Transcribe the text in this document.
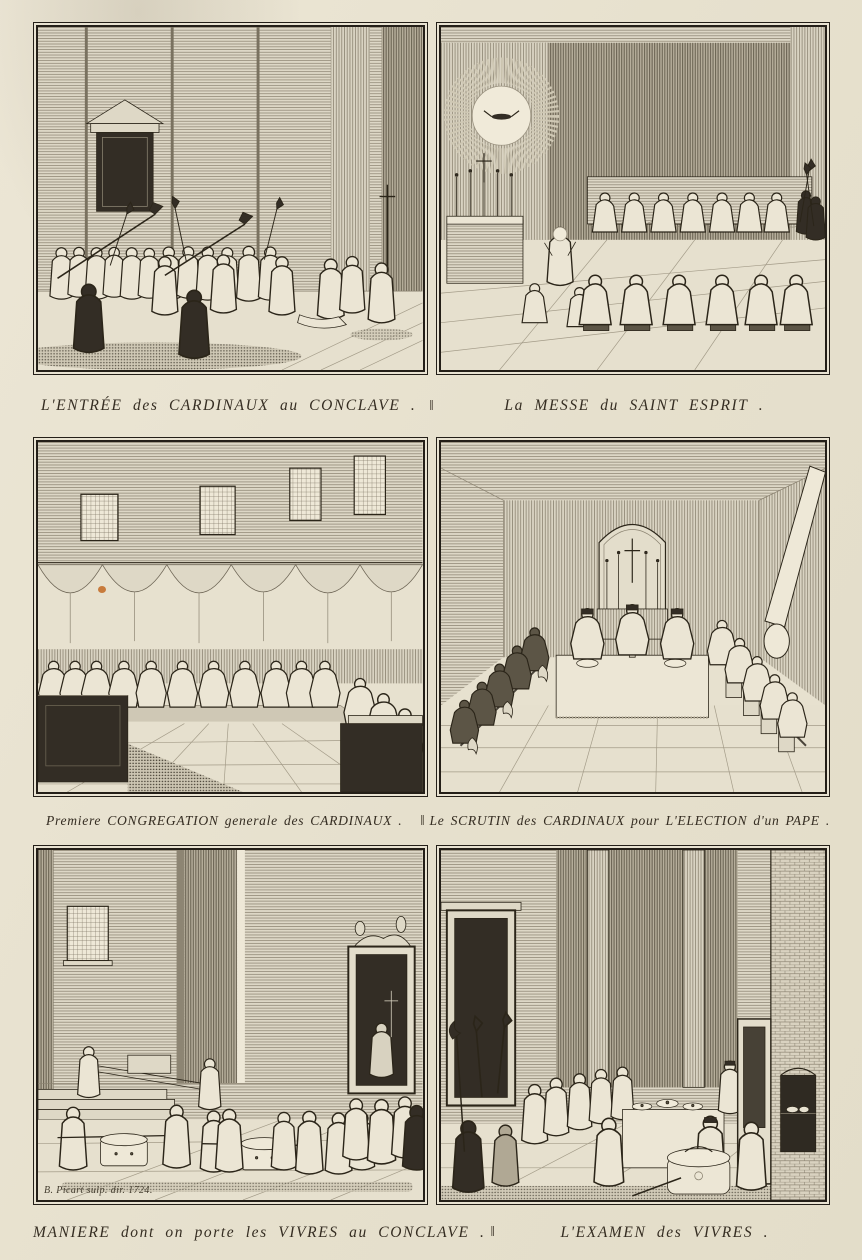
L'ENTRÉE des CARDINAUX au CONCLAVE . ‖	La MESSE du SAINT ESPRIT .
Premiere CONGREGATION generale des CARDINAUX .	‖ Le SCRUTIN des CARDINAUX pour L'ELECTION d'un PAPE .
B. Picart sulp. dir. 1724.
MANIERE dont on porte les VIVRES au CONCLAVE . ‖	L'EXAMEN des VIVRES .
